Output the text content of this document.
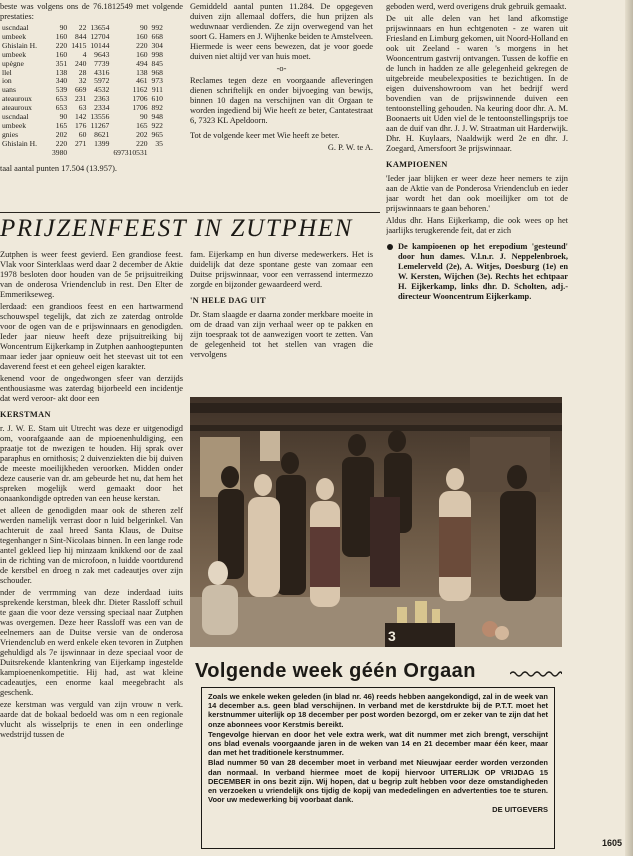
beste was volgens ons de 76.1812549 met volgende prestaties:

uscndaal	90	22	13654	90	992
umbeek	160	844	12704	160	668
Ghislain H.	220	1415	10144	220	304
umbeek	160	4	9643	160	998
upègne	351	240	7739	494	845
llel	138	28	4316	138	968
ion	340	32	5972	461	973
uans	539	669	4532	1162	911
ateauroux	653	231	2363	1706	610
ateauroux	653	63	2334	1706	892
uscndaal	90	142	13556	90	948
umbeek	165	176	11267	165	922
gnies	202	60	8621	202	965
Ghislain H.	220	271	1399	220	35
	3980			697310531	

taal aantal punten 17.504 (13.957).

Gemiddeld aantal punten 11.284. De opgegeven duiven zijn allemaal doffers, die hun prijzen als weduwnaar verdienden. Ze zijn overwegend van het soort G. Hamers en J. Wijhenke beiden te Amstelveen. Hiermede is weer eens bewezen, dat je voor goede duiven niet altijd ver van huis moet.

-o-

Reclames tegen deze en voorgaande afleveringen dienen schriftelijk en onder bijvoeging van bewijs, binnen 10 dagen na verschijnen van dit Orgaan te worden ingediend bij Wie heeft ze beter, Cantatestraat 6, 7323 KL Apeldoorn.

Tot de volgende keer met Wie heeft ze beter.

G. P. W. te A.

geboden werd, werd overigens druk gebruik gemaakt.

De uit alle delen van het land afkomstige prijswinnaars en hun echtgenoten - ze waren uit Friesland en Limburg gekomen, uit Noord-Holland en ook uit Zeeland - waren 's morgens in het Wooncentrum gastvrij ontvangen. Tussen de koffie en de lunch in hadden ze alle gelegenheid gekregen de uitgebreide meubelexposities te bezichtigen. In de eigen duivenshowroom van het bedrijf werd bovendien van de prijswinnende duiven een tentoonstelling gehouden. Na keuring door dhr. A. M. Boonaerts uit Uden viel de le tentoonstellingsprijs toe aan de duif van dhr. J. J. W. Straatman uit Harderwijk. Dhr. H. Kuylaars, Naaldwijk werd 2e en dhr. J. Zoegard, Amersfoort 3e prijswinnaar.

KAMPIOENEN

'Ieder jaar blijken er weer deze heer nemers te zijn aan de Aktie van de Ponderosa Vriendenclub en ieder jaar wordt het dan ook moeilijker om tot de prijswinnaars te gaan behoren.'

Aldus dhr. Hans Eijkerkamp, die ook wees op het jaarlijks terugkerende feit, dat er zich

De kampioenen op het erepodium 'gesteund' door hun dames. V.l.n.r. J. Neppelenbroek, Lemelerveld (2e), A. Witjes, Doesburg (1e) en W. Kersten, Wijchen (3e). Rechts het echtpaar H. Eijkerkamp, links dhr. D. Scholten, adj.-directeur Wooncentrum Eijkerkamp.
PRIJZENFEEST IN ZUTPHEN

Zutphen is weer feest gevierd. Een grandiose feest. Vlak voor Sinterklaas werd daar 2 december de Aktie 1978 besloten door houden van de 5e prijsuitreiking van de onderosa Vriendenclub in rest. Den Elter de Emmerikseweg.

lerdaad: een grandioos feest en een hartwarmend schouwspel tegelijk, dat zich ze zaterdag ontrolde voor de ogen van de e prijswinnaars en genodigden. Ieder jaar nieuw heeft deze prijsuitreiking bij Woncentrum Eijkerkamp in Zutphen aanhoogtepunten maar ieder jaar opnieuw oeit het steevast uit tot een daverend feest et een geheel eigen karakter.

kenend voor de ongedwongen sfeer van derzijds enthousiasme was zaterdag bijorbeeld een incidentje dat werd veroor- akt door een

KERSTMAN

r. J. W. E. Stam uit Utrecht was deze er uitgenodigd om, voorafgaande aan de mpioenenhuldiging, een praatje tot de nwezigen te houden. Hij sprak over paraphus en ornithosis; 2 duivenziekten die bij duiven de meeste moeilijkheden veroorken. Midden onder deze causerie van dr. am gebeurde het nu, dat hem het spreken mogelijk werd gemaakt door het onaankondigde optreden van een heuse kerstan.

et alleen de genodigden maar ook de stheren zelf werden namelijk verrast door n luid belgerinkel. Van achteruit de zaal hreed Santa Klaus, de Duitse tegenhanger n Sint-Nicolaas binnen. In een lange rode antel gekleed liep hij minzaam knikkend oor de zaal in de richting van de microfoon, n luidde voortdurend de kerstbel en droeg n zak met cadeautjes over zijn schouder.

nder de verrmming van deze inderdaad iuits sprekende kerstman, bleek dhr. Dieter Rassloff schuil te gaan die voor deze verssing speciaal naar Zutphen was overgemen. Deze heer Rassloff was een van de eelnemers aan de Duitse versie van de onderosa Vriendenclub en werd enkele eken tevoren in Zutphen gehuldigd als 7e ijswinnaar in deze speciaal voor de Duitsrekende klantenkring van Eijerkamp ingestelde kampioenenkompetitie. Hij had, ast wat kleine cadeautjes, een enorme kaal meegebracht als geschenk.

eze kerstman was verguld van zijn vrouw n verk. aarde dat de bokaal bedoeld was om n een regionale vlucht als wisselprijs te enen in een onderlinge wedstrijd tussen de

fam. Eijerkamp en hun diverse medewerkers. Het is duidelijk dat deze spontane geste van zomaar een Duitse prijswinnaar, voor een verrassend intermezzo zorgde en bijzonder gewaardeerd werd.

'N HELE DAG UIT

Dr. Stam slaagde er daarna zonder merkbare moeite in om de draad van zijn verhaal weer op te pakken en zijn toespraak tot de aanwezigen voort te zetten. Van de gelegenheid tot het stellen van vragen die vervolgens

3
Volgende week géén Orgaan

Zoals we enkele weken geleden (in blad nr. 46) reeds hebben aangekondigd, zal in de week van 14 december a.s. geen blad verschijnen. In verband met de kerstdrukte bij de P.T.T. moet het kerstnummer uiterlijk op 18 december per post worden bezorgd, om er zeker van te zijn dat het onze abonnees voor Kerstmis bereikt.

Tengevolge hiervan en door het vele extra werk, wat dit nummer met zich brengt, verschijnt ons blad evenals voorgaande jaren in de weken van 14 en 21 december maar één keer, maar dan met het traditionele kerstnummer.

Blad nummer 50 van 28 december moet in verband met Nieuwjaar eerder worden verzonden dan normaal. In verband hiermee moet de kopij hiervoor UITERLIJK OP VRIJDAG 15 DECEMBER in ons bezit zijn. Wij hopen, dat u begrip zult hebben voor deze omstandigheden en verzoeken u vriendelijk ons tijdig de kopij van mededelingen en advertenties toe te sturen. Voor uw medewerking bij voorbaat dank.

DE UITGEVERS

1605
